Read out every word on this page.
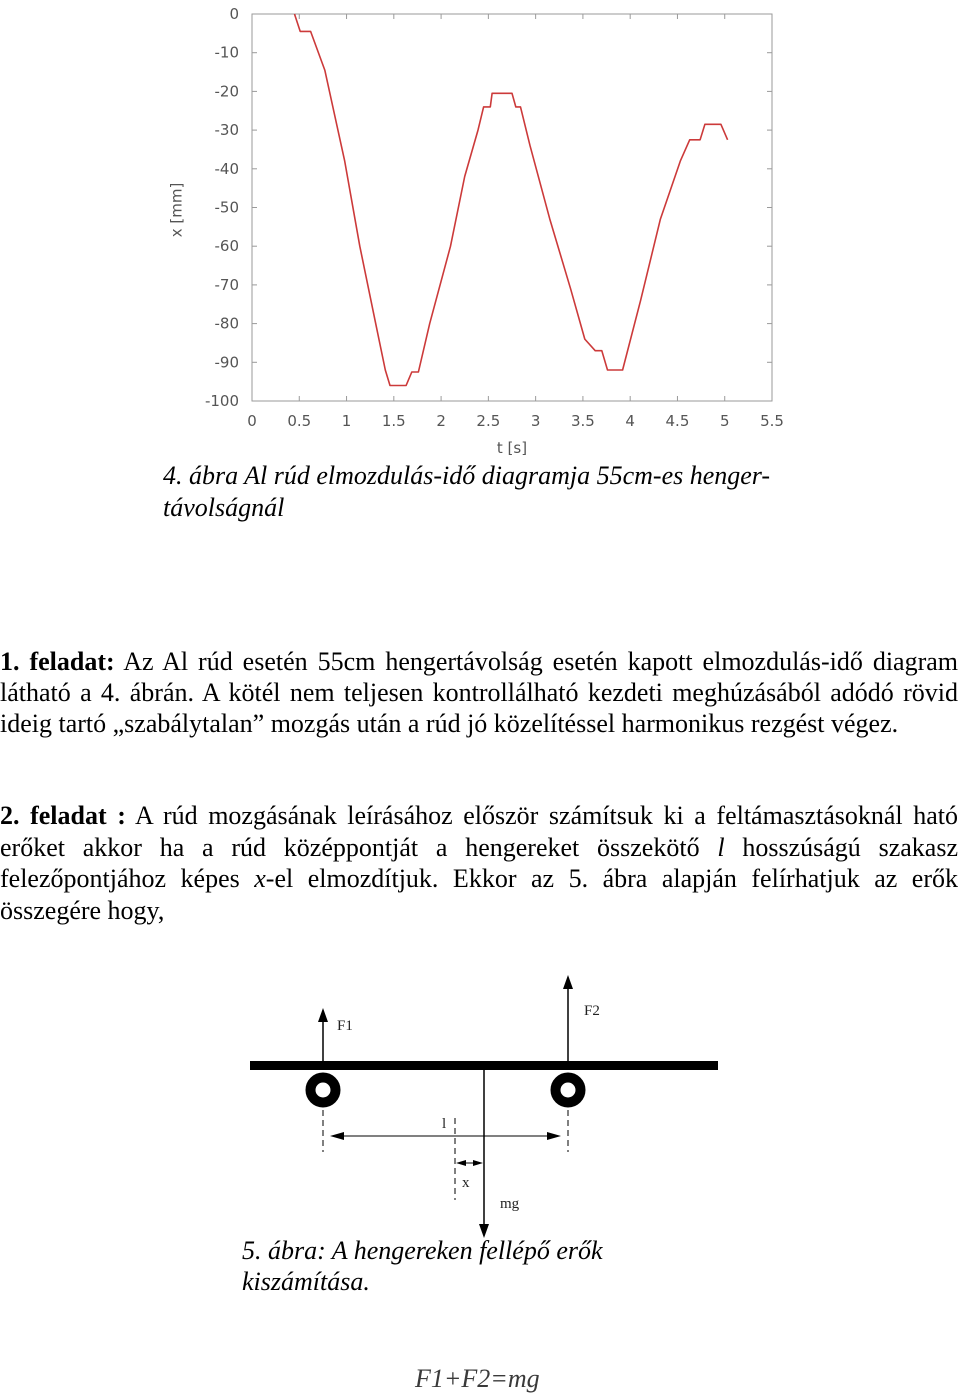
0 0.5 1 1.5 2 2.5 3 3.5 4 4.5 5 5.5
0
-10
-20
-30
-40
-50
-60
-70
-80
-90
-100
x [mm]
t [s]
4. ábra Al rúd elmozdulás-idő diagramja 55cm-es henger-
távolságnál
1. feladat: Az Al rúd esetén 55cm hengertávolság esetén kapott elmozdulás-idő diagram
látható a 4. ábrán. A kötél nem teljesen kontrollálható kezdeti meghúzásából adódó rövid
ideig tartó „szabálytalan” mozgás után a rúd jó közelítéssel harmonikus rezgést végez.
2. feladat : A rúd mozgásának leírásához először számítsuk ki a feltámasztásoknál ható
erőket akkor ha a rúd középpontját a hengereket összekötő l hosszúságú szakasz
felezőpontjához képes x-el elmozdítjuk. Ekkor az 5. ábra alapján felírhatjuk az erők
összegére hogy,
F1
F2
mg
l
x
5. ábra: A hengereken fellépő erők
kiszámítása.
F1+F2=mg
